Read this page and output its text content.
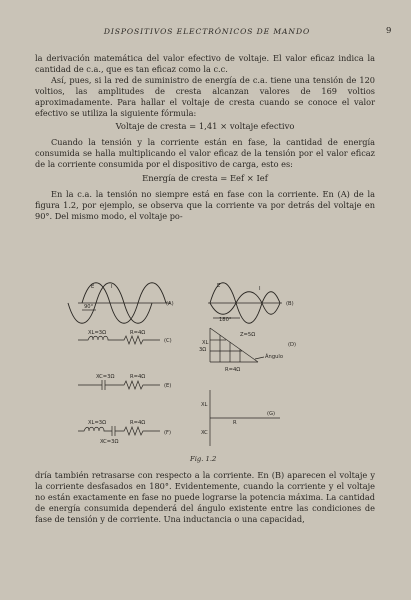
DISPOSITIVOS ELECTRÓNICOS DE MANDO	9

la derivación matemática del valor efectivo de voltaje. El valor eficaz indica la cantidad de c.a., que es tan eficaz como la c.c.

Así, pues, si la red de suministro de energía de c.a. tiene una tensión de 120 voltios, las amplitudes de cresta alcanzan valores de 169 voltios aproximadamente. Para hallar el voltaje de cresta cuando se conoce el valor efectivo se utiliza la siguiente fórmula:

Voltaje de cresta = 1,41 × voltaje efectivo

Cuando la tensión y la corriente están en fase, la cantidad de energía consumida se halla multiplicando el valor eficaz de la tensión por el valor eficaz de la corriente consumida por el dispositivo de carga, esto es:

Energía de cresta = Eef × Ief

En la c.a. la tensión no siempre está en fase con la corriente. En (A) de la figura 1.2, por ejemplo, se observa que la corriente va por detrás del voltaje en 90°. Del mismo modo, el voltaje po-

E	I
90°	(A)
E	I
180°
(B)
XL=3Ω	R=4Ω
(C)	XL
3Ω
Z=5Ω
Ángulo
R=4Ω
(D)
XC=3Ω	R=4Ω
(E)
XL=3Ω	R=4Ω
XC=3Ω
(F)
XL
R
XC
(G)
Fig. 1.2

dría también retrasarse con respecto a la corriente. En (B) aparecen el voltaje y la corriente desfasados en 180°. Evidentemente, cuando la corriente y el voltaje no están exactamente en fase no puede lograrse la potencia máxima. La cantidad de energía consumida dependerá del ángulo existente entre las condiciones de fase de tensión y de corriente. Una inductancia o una capacidad,
